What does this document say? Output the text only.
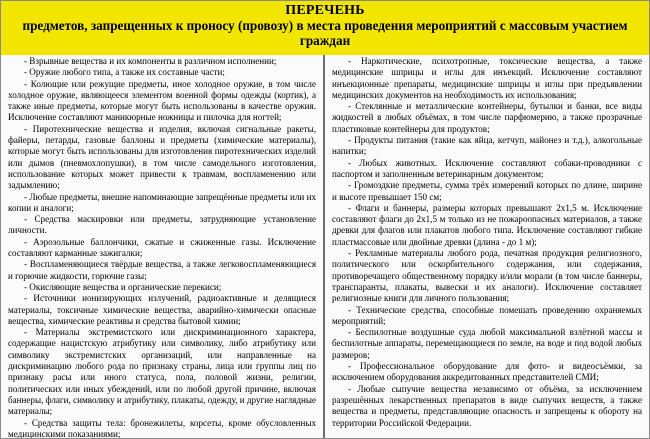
ПЕРЕЧЕНЬ
предметов, запрещенных к проносу (провозу) в места проведения мероприятий с массовым участием граждан

- Взрывные вещества и их компоненты в различном исполнении;

- Оружие любого типа, а также их составные части;

- Колющие или режущие предметы, иное холодное оружие, в том числе холодное оружие, являющееся элементом военной формы одежды (кортик), а также иные предметы, которые могут быть использованы в качестве оружия. Исключение составляют маникюрные ножницы и пилочка для ногтей;

- Пиротехнические вещества и изделия, включая сигнальные ракеты, файеры, петарды, газовые баллоны и предметы (химические материалы), которые могут быть использованы для изготовления пиротехнических изделий или дымов (пневмохлопушки), в том числе самодельного изготовления, использование которых может привести к травмам, воспламенению или задымлению;

- Любые предметы, внешне напоминающие запрещённые предметы или их копии и аналоги;

- Средства маскировки или предметы, затрудняющие установление личности.

- Аэрозольные баллончики, сжатые и сжиженные газы. Исключение составляют карманные зажигалки;

- Воспламеняющиеся твёрдые вещества, а также легковоспламеняющиеся и горючие жидкости, горючие газы;

- Окисляющие вещества и органические перекиси;

- Источники ионизирующих излучений, радиоактивные и делящиеся материалы, токсичные химические вещества, аварийно-химически опасные вещества, химические реактивы и средства бытовой химии;

- Материалы экстремистского или дискриминационного характера, содержащие нацистскую атрибутику или символику, либо атрибутику или символику экстремистских организаций, или направленные на дискриминацию любого рода по признаку страны, лица или группы лиц по признаку расы или иного статуса, пола, половой жизни, религии, политических или иных убеждений, или по любой другой причине, включая баннеры, флаги, символику и атрибутику, плакаты, одежду, и другие наглядные материалы;

- Средства защиты тела: бронежилеты, корсеты, кроме обусловленных медицинскими показаниями;

- Наркотические, психотропные, токсические вещества, а также медицинские шприцы и иглы для инъекций. Исключение составляют инъекционные препараты, медицинские шприцы и иглы при предъявлении медицинских документов на необходимость их использования;

- Стеклянные и металлические контейнеры, бутылки и банки, все виды жидкостей в любых объёмах, в том числе парфюмерию, а также прозрачные пластиковые контейнеры для продуктов;

- Продукты питания (такие как яйца, кетчуп, майонез и т.д.), алкогольные напитки;

- Любых животных. Исключение составляют собаки-проводники с паспортом и заполненным ветеринарным документом;

- Громоздкие предметы, сумма трёх измерений которых по длине, ширине и высоте превышает 150 см;

- Флаги и баннеры, размеры которых превышают 2х1,5 м. Исключение составляют флаги до 2х1,5 м только из не пожароопасных материалов, а также древки для флагов или плакатов любого типа. Исключение составляют гибкие пластмассовые или двойные древки (длина - до 1 м);

- Рекламные материалы любого рода, печатная продукция религиозного, политического или оскорбительного содержания, или содержания, противоречащего общественному порядку и/или морали (в том числе баннеры, транспаранты, плакаты, вывески и их аналоги). Исключение составляет религиозные книги для личного пользования;

- Технические средства, способные помешать проведению охраняемых мероприятий;

- Беспилотные воздушные суда любой максимальной взлётной массы и беспилотные аппараты, перемещающиеся по земле, на воде и под водой любых размеров;

- Профессиональное оборудование для фото- и видеосъёмки, за исключением оборудования аккредитованных представителей СМИ;

- Любые сыпучие вещества независимо от объёма, за исключением разрешённых лекарственных препаратов в виде сыпучих веществ, а также вещества и предметы, представляющие опасность и запрещены к обороту на территории Российской Федерации.
